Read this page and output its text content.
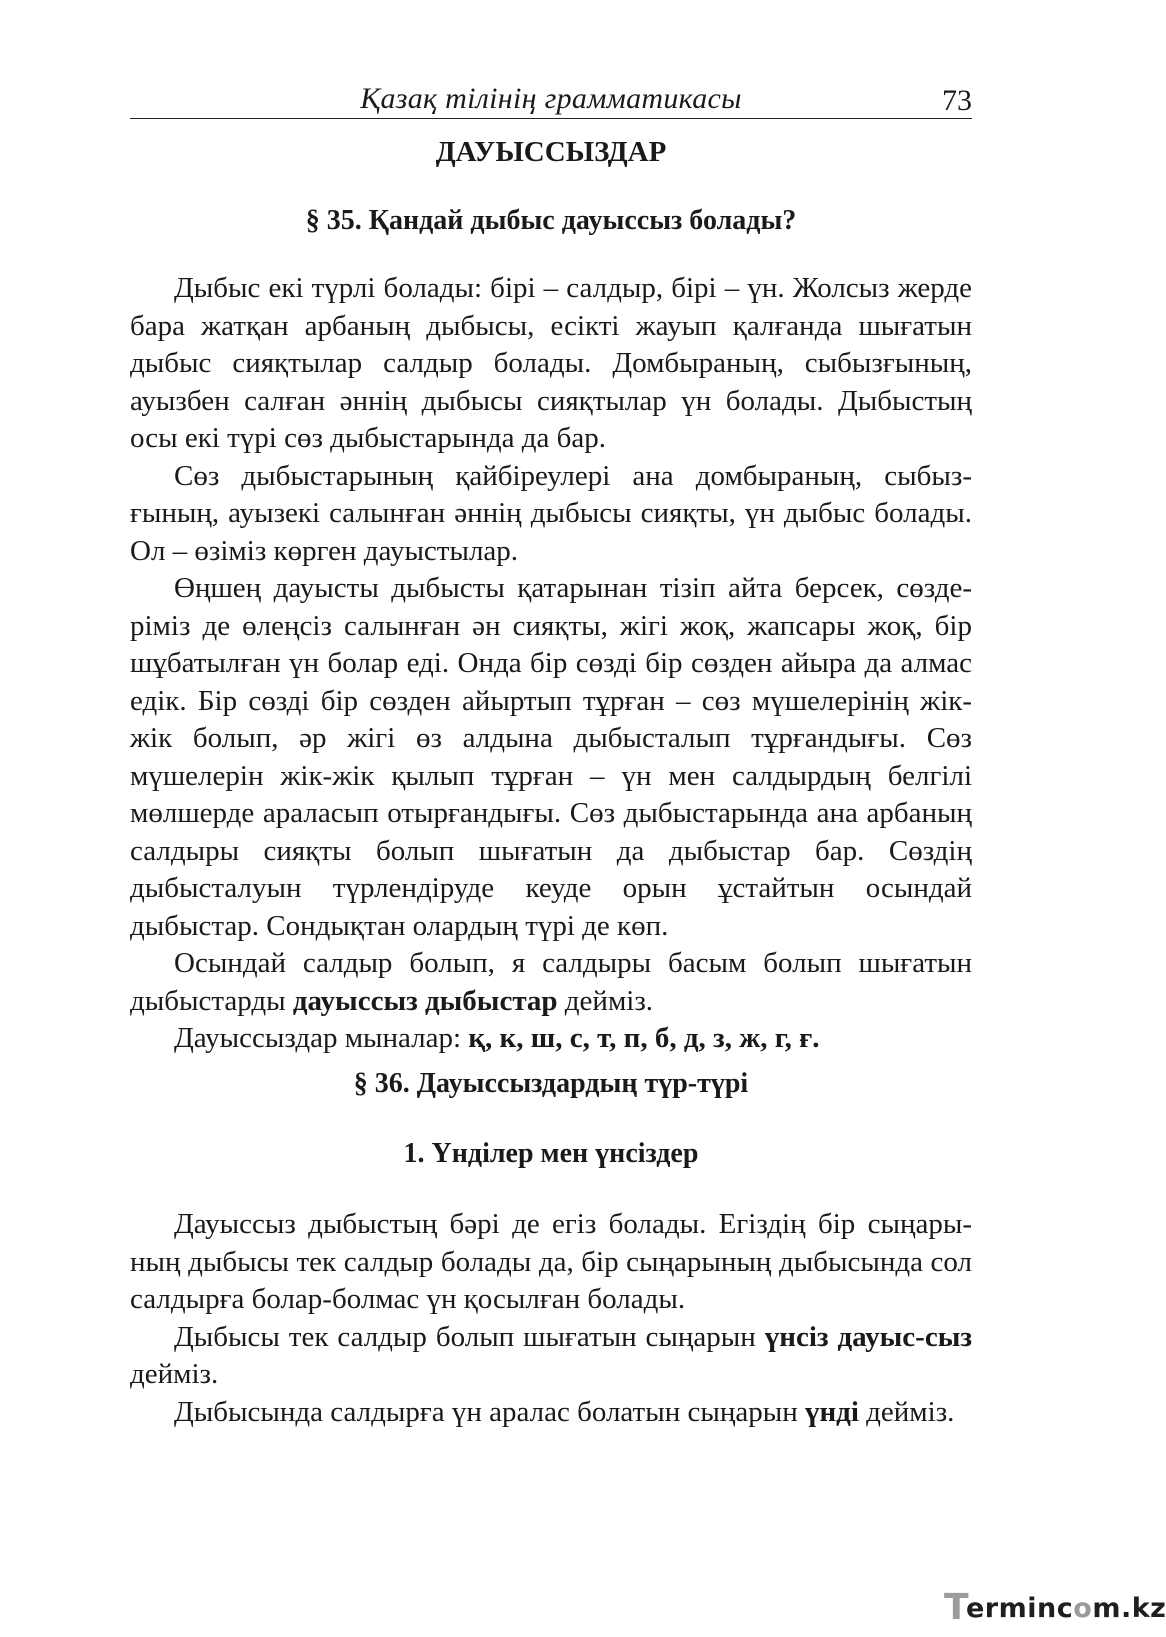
Қазақ тілінің грамматикасы	73
ДАУЫССЫЗДАР
§ 35. Қандай дыбыс дауыссыз болады?

Дыбыс екі түрлі болады: бірі – салдыр, бірі – үн. Жолсыз жерде бара жатқан арбаның дыбысы, есікті жауып қалғанда шығатын дыбыс сияқтылар салдыр болады. Домбыраның, сыбызғының, ауызбен салған әннің дыбысы сияқтылар үн болады. Дыбыстың осы екі түрі сөз дыбыстарында да бар.

Сөз дыбыстарының қайбіреулері ана домбыраның, сыбыз-ғының, ауызекі салынған әннің дыбысы сияқты, үн дыбыс болады. Ол – өзіміз көрген дауыстылар.

Өңшең дауысты дыбысты қатарынан тізіп айта берсек, сөзде-ріміз де өлеңсіз салынған ән сияқты, жігі жоқ, жапсары жоқ, бір шұбатылған үн болар еді. Онда бір сөзді бір сөзден айыра да алмас едік. Бір сөзді бір сөзден айыртып тұрған – сөз мүшелерінің жік-жік болып, әр жігі өз алдына дыбысталып тұрғандығы. Сөз мүшелерін жік-жік қылып тұрған – үн мен салдырдың белгілі мөлшерде араласып отырғандығы. Сөз дыбыстарында ана арбаның салдыры сияқты болып шығатын да дыбыстар бар. Сөздің дыбысталуын түрлендіруде кеуде орын ұстайтын осындай дыбыстар. Сондықтан олардың түрі де көп.

Осындай салдыр болып, я салдыры басым болып шығатын дыбыстарды дауыссыз дыбыстар дейміз.

Дауыссыздар мыналар: қ, к, ш, с, т, п, б, д, з, ж, г, ғ.

§ 36. Дауыссыздардың түр-түрі
1. Үнділер мен үнсіздер

Дауыссыз дыбыстың бәрі де егіз болады. Егіздің бір сыңары-ның дыбысы тек салдыр болады да, бір сыңарының дыбысында сол салдырға болар-болмас үн қосылған болады.

Дыбысы тек салдыр болып шығатын сыңарын үнсіз дауыс-сыз дейміз.

Дыбысында салдырға үн аралас болатын сыңарын үнді дейміз.

T
ermincom.kz
